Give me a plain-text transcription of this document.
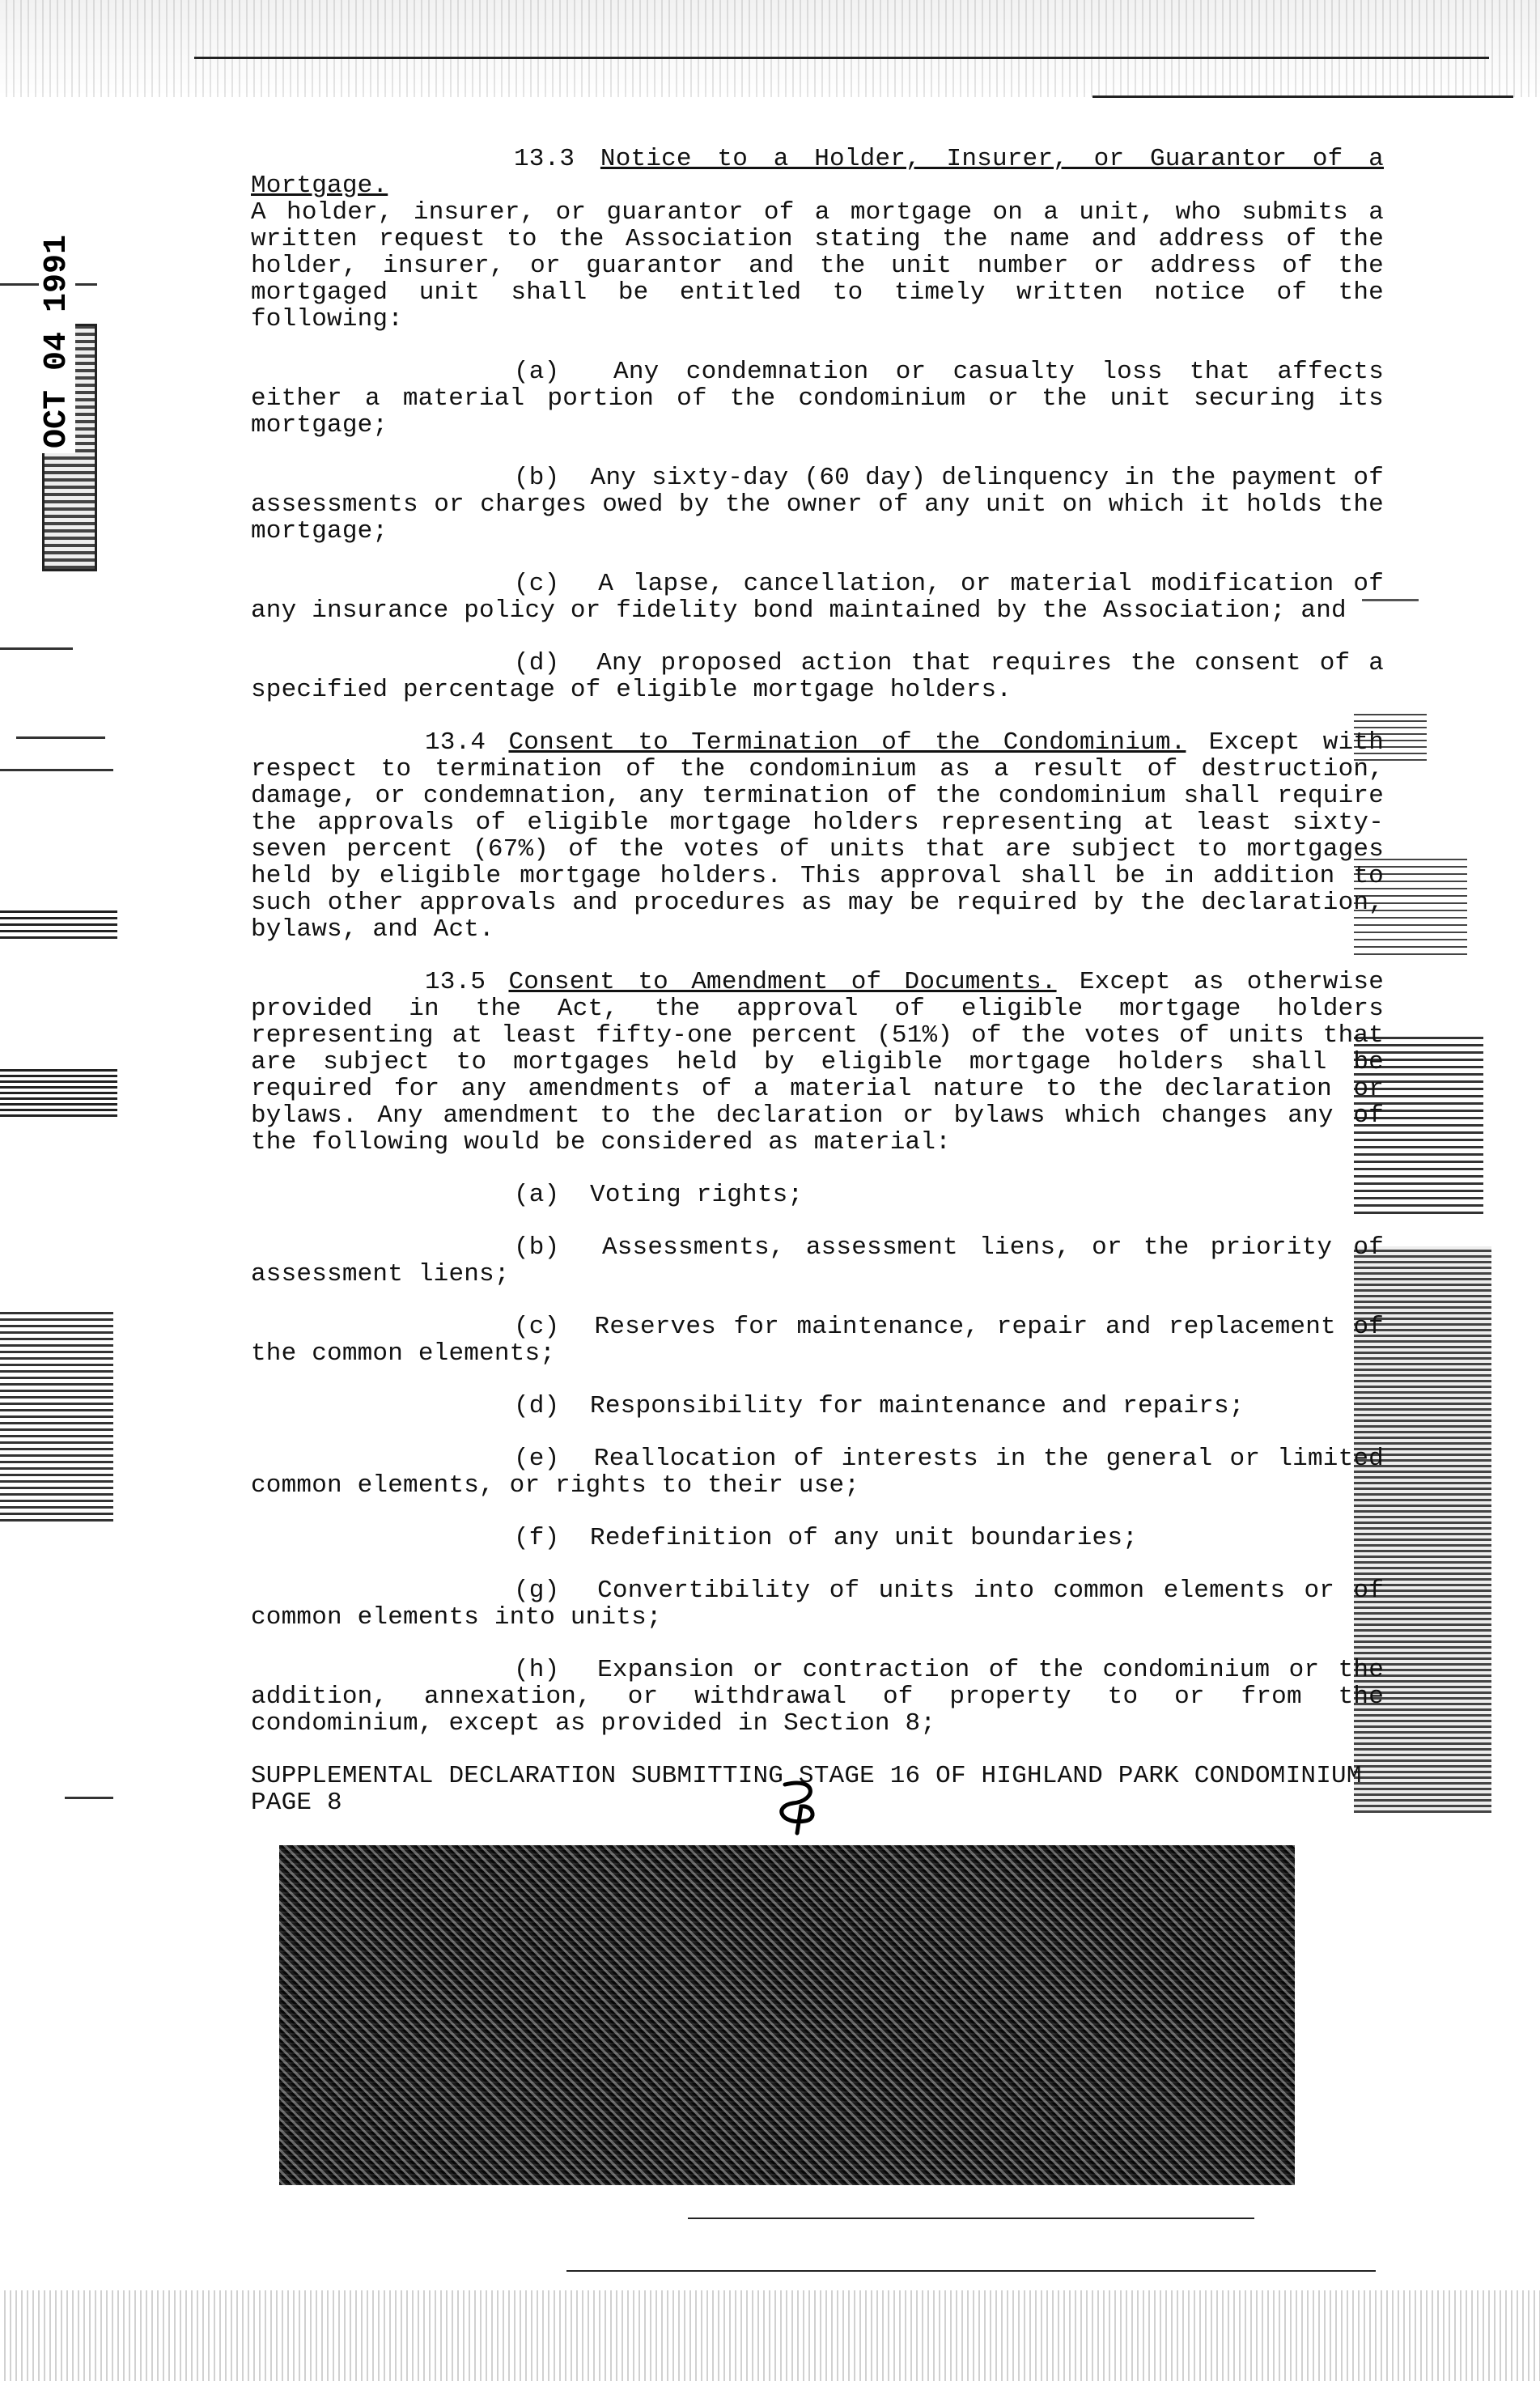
OCT 04 1991

13.3 Notice to a Holder, Insurer, or Guarantor of a Mortgage.
A holder, insurer, or guarantor of a mortgage on a unit, who submits a written request to the Association stating the name and address of the holder, insurer, or guarantor and the unit number or address of the mortgaged unit shall be entitled to timely written notice of the following:

(a) Any condemnation or casualty loss that affects either a material portion of the condominium or the unit securing its mortgage;

(b) Any sixty-day (60 day) delinquency in the payment of assessments or charges owed by the owner of any unit on which it holds the mortgage;

(c) A lapse, cancellation, or material modification of any insurance policy or fidelity bond maintained by the Association; and

(d) Any proposed action that requires the consent of a specified percentage of eligible mortgage holders.

13.4 Consent to Termination of the Condominium. Except with respect to termination of the condominium as a result of destruction, damage, or condemnation, any termination of the condominium shall require the approvals of eligible mortgage holders representing at least sixty-seven percent (67%) of the votes of units that are subject to mortgages held by eligible mortgage holders. This approval shall be in addition to such other approvals and procedures as may be required by the declaration, bylaws, and Act.

13.5 Consent to Amendment of Documents. Except as otherwise provided in the Act, the approval of eligible mortgage holders representing at least fifty-one percent (51%) of the votes of units that are subject to mortgages held by eligible mortgage holders shall be required for any amendments of a material nature to the declaration or bylaws. Any amendment to the declaration or bylaws which changes any of the following would be considered as material:

(a) Voting rights;

(b) Assessments, assessment liens, or the priority of assessment liens;

(c) Reserves for maintenance, repair and replacement of the common elements;

(d) Responsibility for maintenance and repairs;

(e) Reallocation of interests in the general or limited common elements, or rights to their use;

(f) Redefinition of any unit boundaries;

(g) Convertibility of units into common elements or of common elements into units;

(h) Expansion or contraction of the condominium or the addition, annexation, or withdrawal of property to or from the condominium, except as provided in Section 8;

SUPPLEMENTAL DECLARATION SUBMITTING STAGE 16 OF HIGHLAND PARK CONDOMINIUM
PAGE 8
